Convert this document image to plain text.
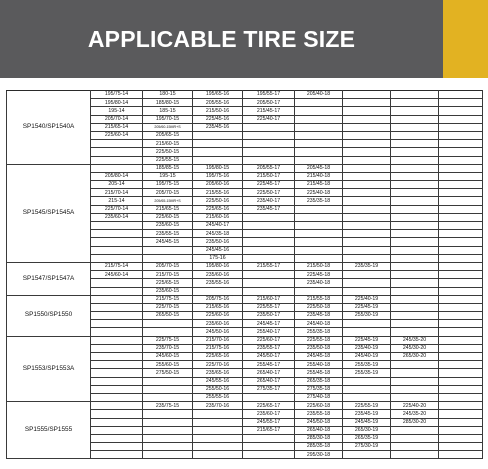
APPLICABLE TIRE SIZE
SP1540/SP1540A	195/75-14	180-15	195/65-16	195/55-17	205/40-18				
	195/80-14	185/80-15	205/55-16	205/50-17					
	195-14	185-15	215/50-16	215/45-17					
	205/70-14	195/70-15	225/45-16	225/40-17					
	215/65-14	205/60-15MR+S	235/45-16						
	225/60-14	205/65-15							
		215/60-15							
		225/50-15							
		225/55-15							
SP1545/SP1545A		185/85-15	195/80-15	205/55-17	205/45-18				
	205/80-14	195-15	195/75-16	215/50-17	215/40-18				
	205-14	195/75-15	205/60-16	225/45-17	215/45-18				
	215/70-14	205/70-15	215/55-16	225/50-17	225/40-18				
	215-14	205/65-15MR+S	225/50-16	235/40-17	235/35-18				
	225/70-14	215/65-15	225/65-16	235/45-17					
	235/60-14	225/60-15	215/60-16						
		235/60-15	245/40-17						
		235/55-15	245/35-18						
		245/45-15	235/50-16						
			245/45-16						
			175-16						
SP1547/SP1547A	215/75-14	205/70-15	195/80-16	215/55-17	215/50-18	235/35-19			
	245/60-14	215/70-15	235/60-16		225/45-18				
		225/65-15	235/55-16		235/40-18				
		235/60-15							
SP1550/SP1550		215/75-15	205/75-16	215/60-17	215/55-18	225/40-19			
		225/70-15	215/65-16	225/55-17	225/50-18	225/45-19			
		265/50-15	225/60-16	235/50-17	235/45-18	255/30-19			
			235/60-16	245/45-17	245/40-18				
			245/50-16	255/40-17	255/35-18				
SP1553/SP1553A		225/75-15	215/70-16	225/60-17	225/55-18	225/45-19	245/35-20		
		235/70-15	215/75-16	235/55-17	235/50-18	235/40-19	245/30-20		
		245/60-15	225/65-16	245/50-17	245/45-18	245/40-19	265/30-20		
		255/60-15	225/70-16	255/45-17	255/40-18	255/35-19			
		275/50-15	235/65-16	265/40-17	255/45-18	255/35-19			
			245/55-16	265/40-17	265/35-18				
			255/50-16	275/35-17	275/35-18				
			255/55-16		275/40-18				
SP1555/SP1555		235/75-15	235/70-16	225/65-17	225/60-18	225/55-19	225/40-20		
				235/60-17	235/55-18	235/45-19	245/35-20		
				245/55-17	245/50-18	245/45-19	285/30-20		
				215/65-17	265/40-18	265/30-19			
					285/30-18	265/35-19			
					285/35-18	275/30-19			
					295/30-18				
